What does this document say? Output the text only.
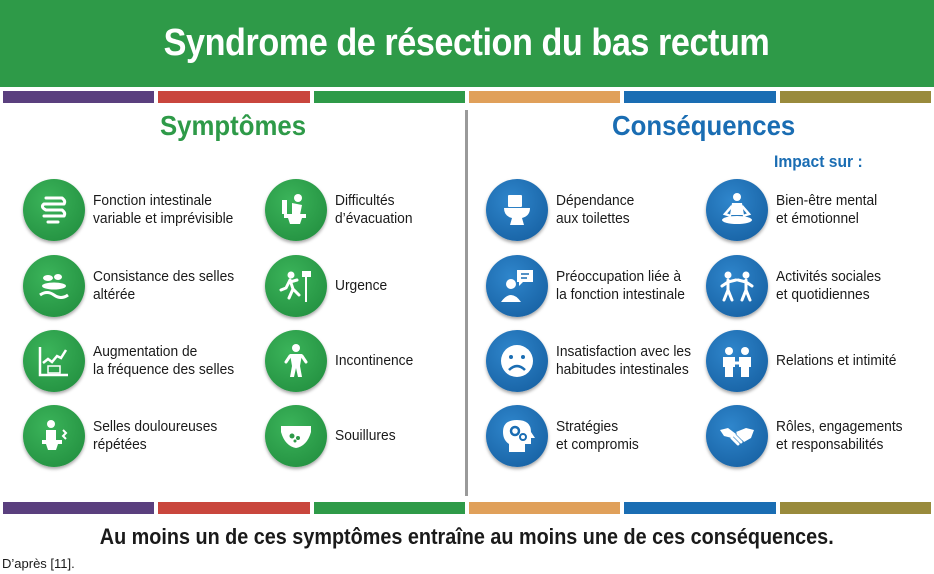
Syndrome de résection du bas rectum
Symptômes	Conséquences
Impact sur :
Fonction intestinale
variable et imprévisible
Consistance des selles
altérée
Augmentation de
la fréquence des selles
Selles douloureuses
répétées
Difficultés
d’évacuation
Urgence
Incontinence
Souillures
Dépendance
aux toilettes
Préoccupation liée à
la fonction intestinale
Insatisfaction avec les
habitudes intestinales
Stratégies
et compromis
Bien-être mental
et émotionnel
Activités sociales
et quotidiennes
Relations et intimité
Rôles, engagements
et responsabilités
Au moins un de ces symptômes entraîne au moins une de ces conséquences.
D’après [11].
